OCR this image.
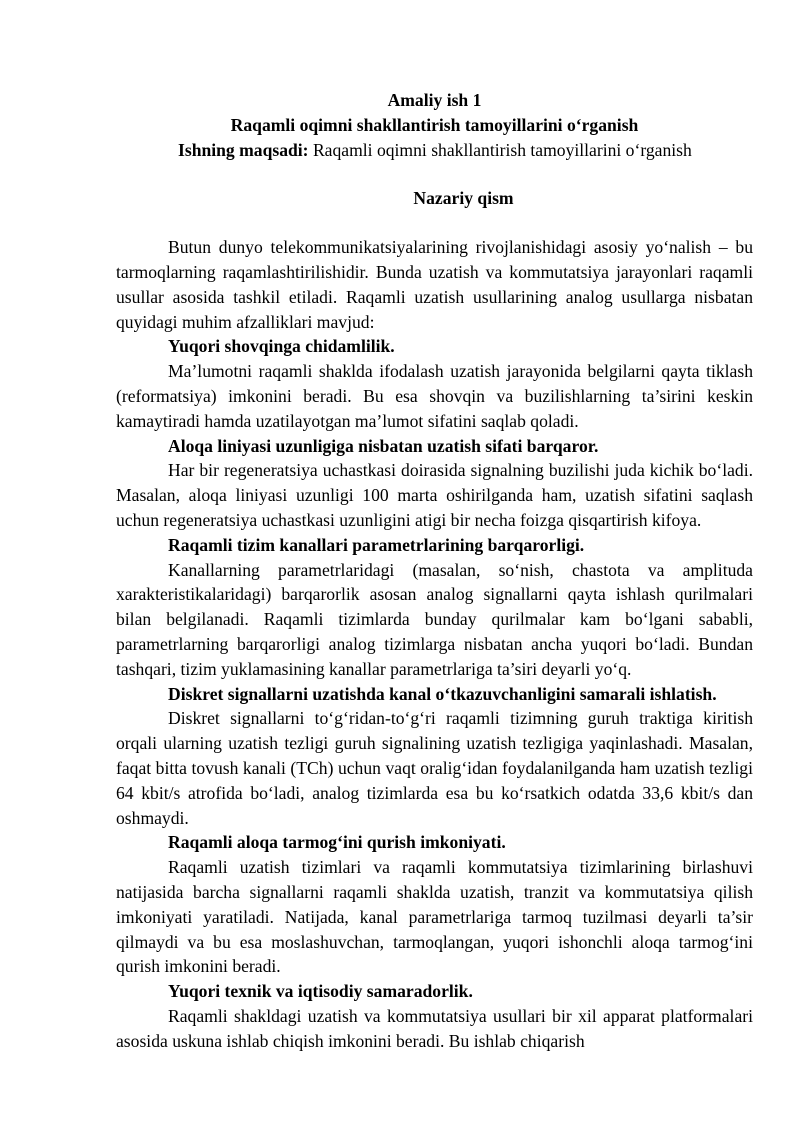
Amaliy ish 1

Raqamli oqimni shakllantirish tamoyillarini o‘rganish

Ishning maqsadi: Raqamli oqimni shakllantirish tamoyillarini o‘rganish

Nazariy qism

Butun dunyo telekommunikatsiyalarining rivojlanishidagi asosiy yo‘nalish – bu tarmoqlarning raqamlashtirilishidir. Bunda uzatish va kommutatsiya jarayonlari raqamli usullar asosida tashkil etiladi. Raqamli uzatish usullarining analog usullarga nisbatan quyidagi muhim afzalliklari mavjud:

Yuqori shovqinga chidamlilik.

Ma’lumotni raqamli shaklda ifodalash uzatish jarayonida belgilarni qayta tiklash (reformatsiya) imkonini beradi. Bu esa shovqin va buzilishlarning ta’sirini keskin kamaytiradi hamda uzatilayotgan ma’lumot sifatini saqlab qoladi.

Aloqa liniyasi uzunligiga nisbatan uzatish sifati barqaror.

Har bir regeneratsiya uchastkasi doirasida signalning buzilishi juda kichik bo‘ladi. Masalan, aloqa liniyasi uzunligi 100 marta oshirilganda ham, uzatish sifatini saqlash uchun regeneratsiya uchastkasi uzunligini atigi bir necha foizga qisqartirish kifoya.

Raqamli tizim kanallari parametrlarining barqarorligi.

Kanallarning parametrlaridagi (masalan, so‘nish, chastota va amplituda xarakteristikalaridagi) barqarorlik asosan analog signallarni qayta ishlash qurilmalari bilan belgilanadi. Raqamli tizimlarda bunday qurilmalar kam bo‘lgani sababli, parametrlarning barqarorligi analog tizimlarga nisbatan ancha yuqori bo‘ladi. Bundan tashqari, tizim yuklamasining kanallar parametrlariga ta’siri deyarli yo‘q.

Diskret signallarni uzatishda kanal o‘tkazuvchanligini samarali ishlatish.

Diskret signallarni to‘g‘ridan-to‘g‘ri raqamli tizimning guruh traktiga kiritish orqali ularning uzatish tezligi guruh signalining uzatish tezligiga yaqinlashadi. Masalan, faqat bitta tovush kanali (TCh) uchun vaqt oralig‘idan foydalanilganda ham uzatish tezligi 64 kbit/s atrofida bo‘ladi, analog tizimlarda esa bu ko‘rsatkich odatda 33,6 kbit/s dan oshmaydi.

Raqamli aloqa tarmog‘ini qurish imkoniyati.

Raqamli uzatish tizimlari va raqamli kommutatsiya tizimlarining birlashuvi natijasida barcha signallarni raqamli shaklda uzatish, tranzit va kommutatsiya qilish imkoniyati yaratiladi. Natijada, kanal parametrlariga tarmoq tuzilmasi deyarli ta’sir qilmaydi va bu esa moslashuvchan, tarmoqlangan, yuqori ishonchli aloqa tarmog‘ini qurish imkonini beradi.

Yuqori texnik va iqtisodiy samaradorlik.

Raqamli shakldagi uzatish va kommutatsiya usullari bir xil apparat platformalari asosida uskuna ishlab chiqish imkonini beradi. Bu ishlab chiqarish
